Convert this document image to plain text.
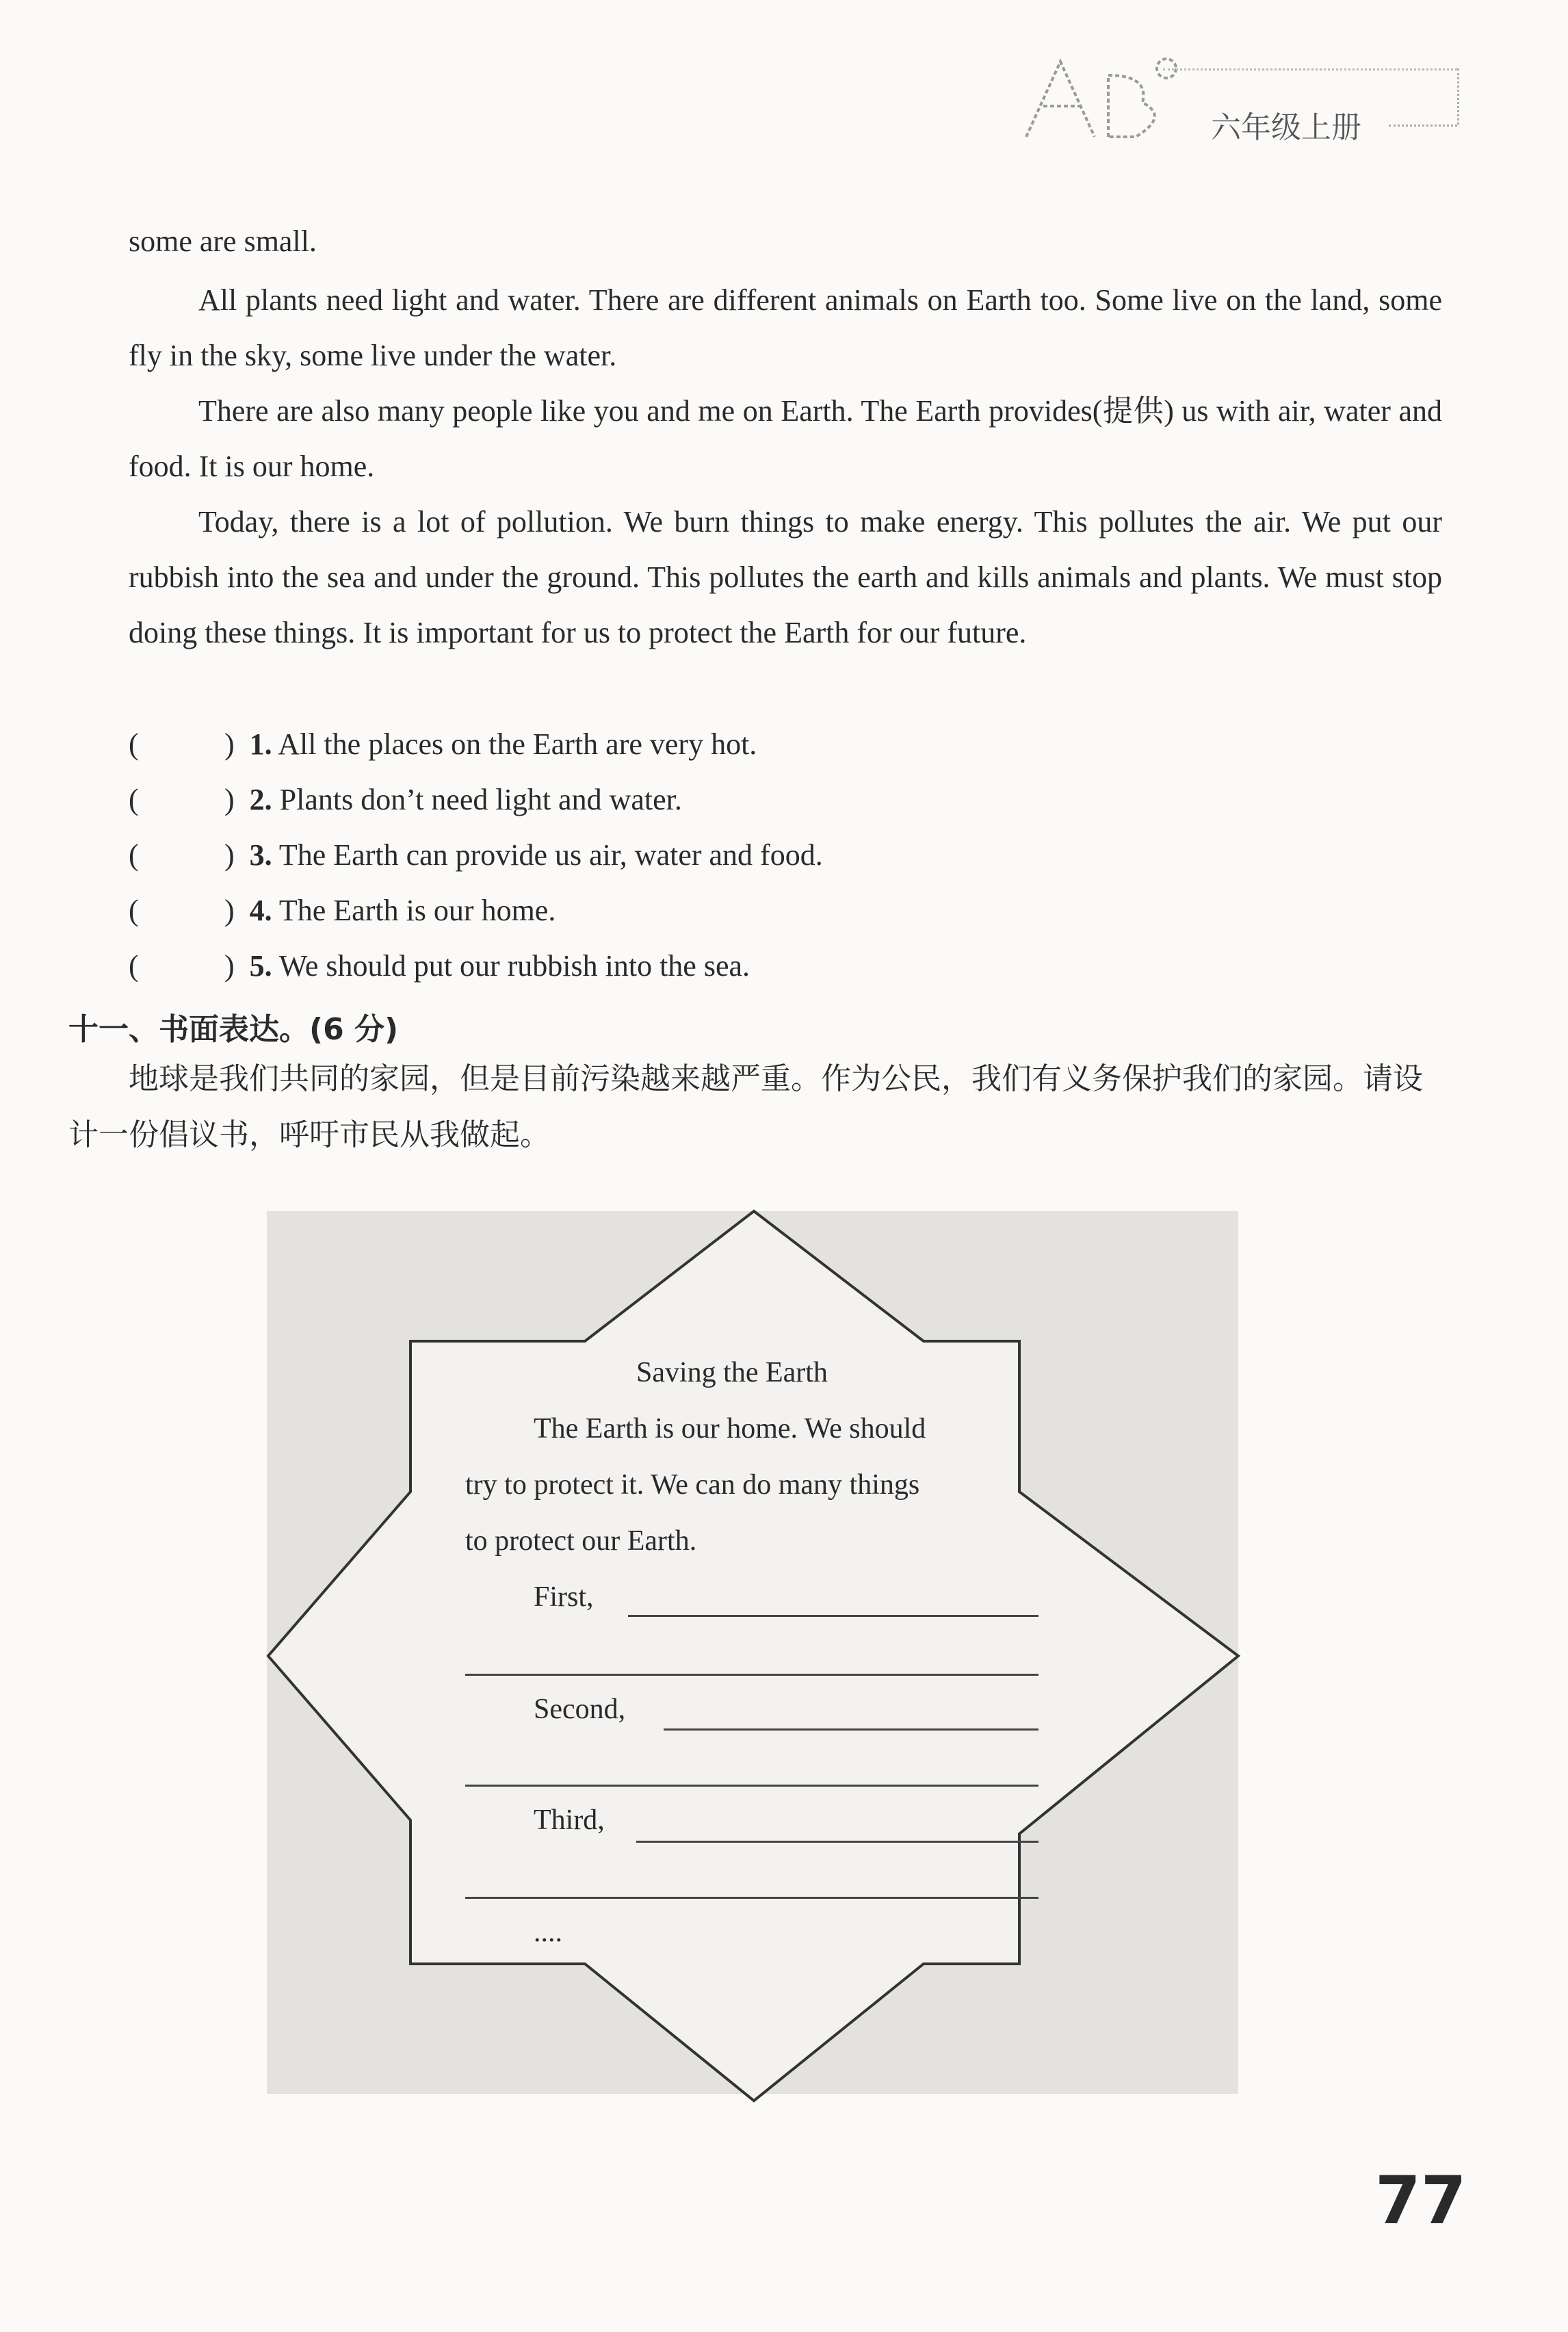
六年级上册
some are small.
All plants need light and water. There are different animals on Earth too. Some live on the land, some fly in the sky, some live under the water.
There are also many people like you and me on Earth. The Earth provides(提供) us with air, water and food. It is our home.
Today, there is a lot of pollution. We burn things to make energy. This pollutes the air. We put our rubbish into the sea and under the ground. This pollutes the earth and kills animals and plants. We must stop doing these things. It is important for us to protect the Earth for our future.
(	) 1. All the places on the Earth are very hot.
(	) 2. Plants don’t need light and water.
(	) 3. The Earth can provide us air, water and food.
(	) 4. The Earth is our home.
(	) 5. We should put our rubbish into the sea.
十一、书面表达。(6 分)
地球是我们共同的家园，但是目前污染越来越严重。作为公民，我们有义务保护我们的家园。请设计一份倡议书，呼吁市民从我做起。
Saving the Earth
The Earth is our home. We should
try to protect it. We can do many things
to protect our Earth.
First,
Second,
Third,
....
77
